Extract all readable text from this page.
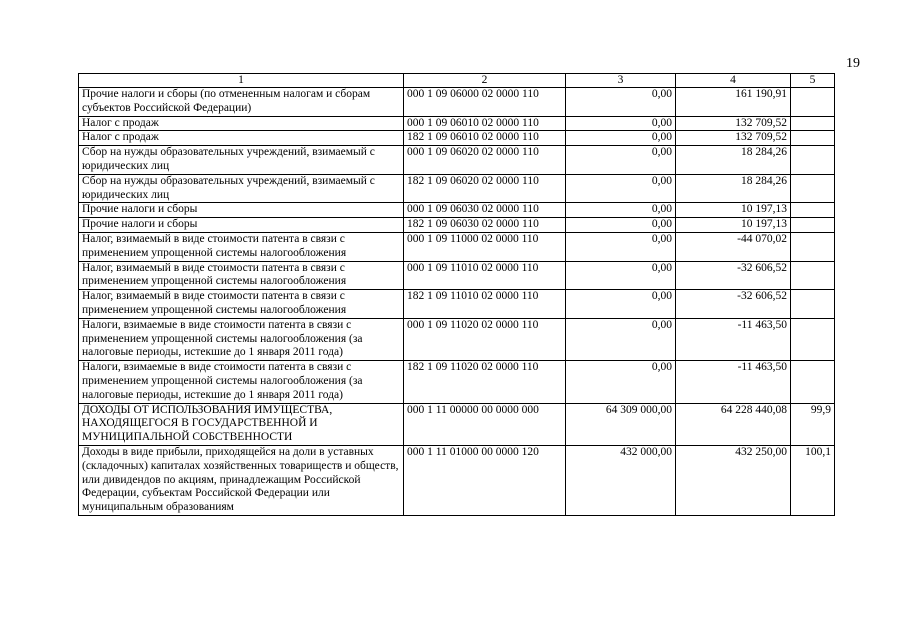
19
1	2	3	4	5
Прочие налоги и сборы (по отмененным налогам и сборам субъектов Российской Федерации)	000 1 09 06000 02 0000 110	0,00	161 190,91	
Налог с продаж	000 1 09 06010 02 0000 110	0,00	132 709,52	
Налог с продаж	182 1 09 06010 02 0000 110	0,00	132 709,52	
Сбор на нужды образовательных учреждений, взимаемый с юридических лиц	000 1 09 06020 02 0000 110	0,00	18 284,26	
Сбор на нужды образовательных учреждений, взимаемый с юридических лиц	182 1 09 06020 02 0000 110	0,00	18 284,26	
Прочие налоги и сборы	000 1 09 06030 02 0000 110	0,00	10 197,13	
Прочие налоги и сборы	182 1 09 06030 02 0000 110	0,00	10 197,13	
Налог, взимаемый в виде стоимости патента в связи с применением упрощенной системы налогообложения	000 1 09 11000 02 0000 110	0,00	-44 070,02	
Налог, взимаемый в виде стоимости патента в связи с применением упрощенной системы налогообложения	000 1 09 11010 02 0000 110	0,00	-32 606,52	
Налог, взимаемый в виде стоимости патента в связи с применением упрощенной системы налогообложения	182 1 09 11010 02 0000 110	0,00	-32 606,52	
Налоги, взимаемые в виде стоимости патента в связи с применением упрощенной системы налогообложения (за налоговые периоды, истекшие до 1 января 2011 года)	000 1 09 11020 02 0000 110	0,00	-11 463,50	
Налоги, взимаемые в виде стоимости патента в связи с применением упрощенной системы налогообложения (за налоговые периоды, истекшие до 1 января 2011 года)	182 1 09 11020 02 0000 110	0,00	-11 463,50	
ДОХОДЫ ОТ ИСПОЛЬЗОВАНИЯ ИМУЩЕСТВА, НАХОДЯЩЕГОСЯ В ГОСУДАРСТВЕННОЙ И МУНИЦИПАЛЬНОЙ СОБСТВЕННОСТИ	000 1 11 00000 00 0000 000	64 309 000,00	64 228 440,08	99,9
Доходы в виде прибыли, приходящейся на доли в уставных (складочных) капиталах хозяйственных товариществ и обществ, или дивидендов по акциям, принадлежащим Российской Федерации, субъектам Российской Федерации или муниципальным образованиям	000 1 11 01000 00 0000 120	432 000,00	432 250,00	100,1
